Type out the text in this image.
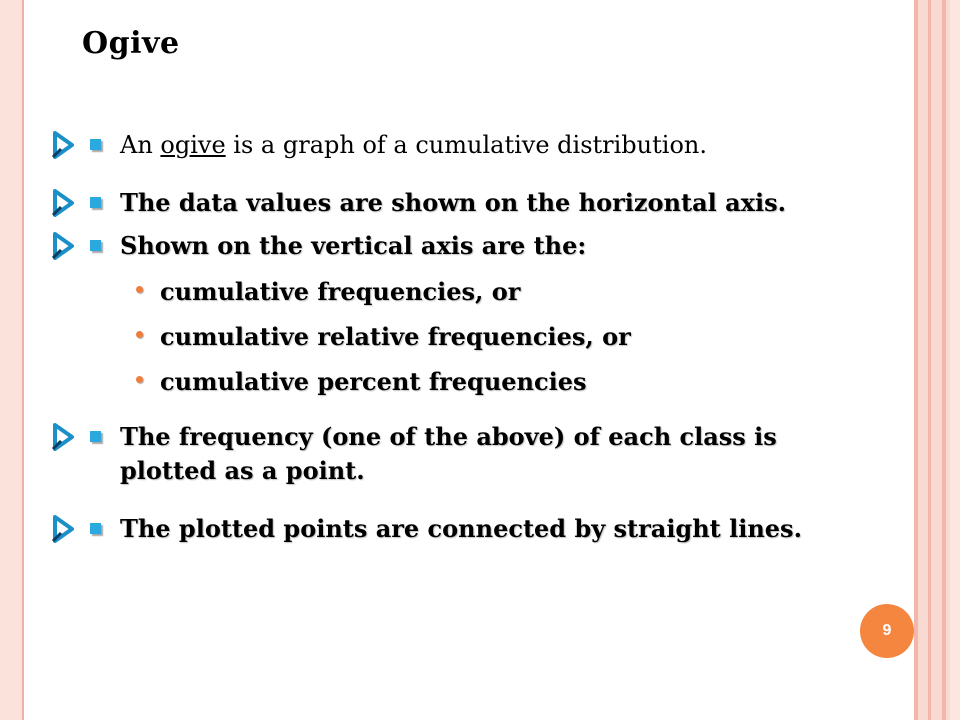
Ogive
An ogive is a graph of a cumulative distribution.
The data values are shown on the horizontal axis.
Shown on the vertical axis are the:
cumulative frequencies, or
cumulative relative frequencies, or
cumulative percent frequencies
The frequency (one of the above) of each class is plotted as a point.
The plotted points are connected by straight lines.
9
